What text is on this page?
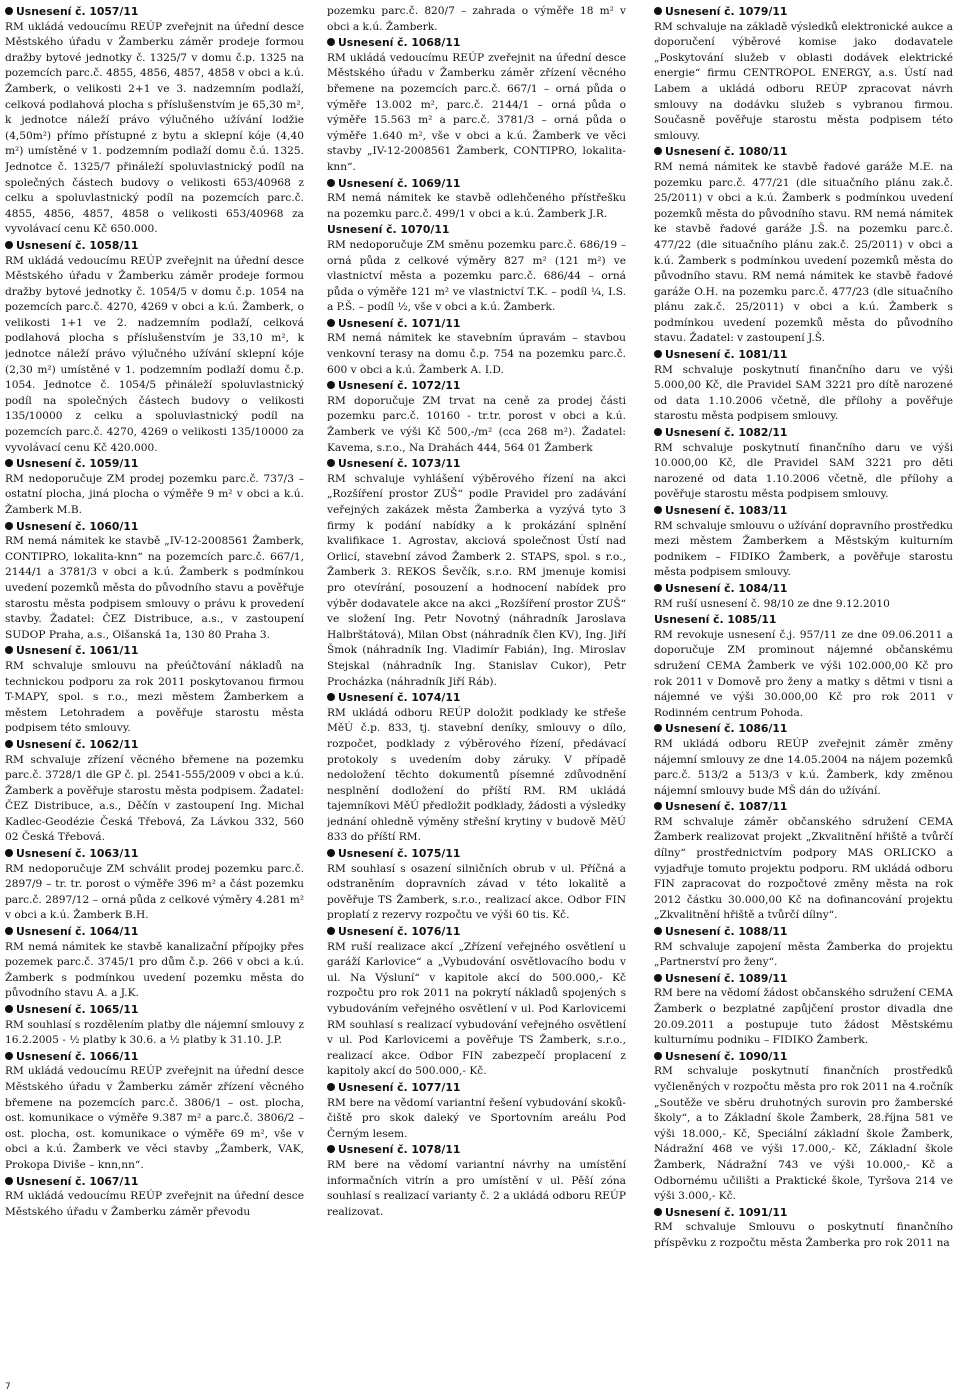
Usnesení č. 1057/11
RM ukládá vedoucímu REÚP zveřejnit na úřední desce Městského úřadu v Žamberku záměr prodeje formou dražby bytové jednotky č. 1325/7 v domu č.p. 1325 na pozemcích parc.č. 4855, 4856, 4857, 4858 v obci a k.ú. Žamberk, o velikosti 2+1 ve 3. nadzemním podlaží, celková podlahová plocha s příslušenstvím je 65,30 m², k jednotce náleží právo výlučného užívání lodžie (4,50m²) přímo přístupné z bytu a sklepní kóje (4,40 m²) umístěné v 1. podzemním podlaží domu č.ú. 1325. Jednotce č. 1325/7 přináleží spoluvlastnický podíl na společných částech budovy o velikosti 653/40968 z celku a spoluvlastnický podíl na pozemcích parc.č. 4855, 4856, 4857, 4858 o velikosti 653/40968 za vyvolávací cenu Kč 650.000.
Usnesení č. 1058/11
RM ukládá vedoucímu REÚP zveřejnit na úřední desce Městského úřadu v Žamberku záměr prodeje formou dražby bytové jednotky č. 1054/5 v domu č.p. 1054 na pozemcích parc.č. 4270, 4269 v obci a k.ú. Žamberk, o velikosti 1+1 ve 2. nadzemním podlaží, celková podlahová plocha s příslušenstvím je 33,10 m², k jednotce náleží právo výlučného užívání sklepní kóje (2,30 m²) umístěné v 1. podzemním podlaží domu č.p. 1054. Jednotce č. 1054/5 přináleží spoluvlastnický podíl na společných částech budovy o velikosti 135/10000 z celku a spoluvlastnický podíl na pozemcích parc.č. 4270, 4269 o velikosti 135/10000 za vyvolávací cenu Kč 420.000.
Usnesení č. 1059/11
RM nedoporučuje ZM prodej pozemku parc.č. 737/3 – ostatní plocha, jiná plocha o výměře 9 m² v obci a k.ú. Žamberk M.B.
Usnesení č. 1060/11
RM nemá námitek ke stavbě „IV-12-2008561 Žamberk, CONTIPRO, lokalita-knn“ na pozemcích parc.č. 667/1, 2144/1 a 3781/3 v obci a k.ú. Žamberk s podmínkou uvedení pozemků města do původního stavu a pověřuje starostu města podpisem smlouvy o právu k provedení stavby. Žadatel: ČEZ Distribuce, a.s., v zastoupení SUDOP Praha, a.s., Olšanská 1a, 130 80 Praha 3.
Usnesení č. 1061/11
RM schvaluje smlouvu na přeúčtování nákladů na technickou podporu za rok 2011 poskytovanou firmou T-MAPY, spol. s r.o., mezi městem Žamberkem a městem Letohradem a pověřuje starostu města podpisem této smlouvy.
Usnesení č. 1062/11
RM schvaluje zřízení věcného břemene na pozemku parc.č. 3728/1 dle GP č. pl. 2541-555/2009 v obci a k.ú. Žamberk a pověřuje starostu města podpisem. Žadatel: ČEZ Distribuce, a.s., Děčín v zastoupení Ing. Michal Kadlec-Geodézie Česká Třebová, Za Lávkou 332, 560 02 Česká Třebová.
Usnesení č. 1063/11
RM nedoporučuje ZM schválit prodej pozemku parc.č. 2897/9 – tr. tr. porost o výměře 396 m² a část pozemku parc.č. 2897/12 – orná půda z celkové výměry 4.281 m² v obci a k.ú. Žamberk B.H.
Usnesení č. 1064/11
RM nemá námitek ke stavbě kanalizační přípojky přes pozemek parc.č. 3745/1 pro dům č.p. 266 v obci a k.ú. Žamberk s podmínkou uvedení pozemku města do původního stavu A. a J.K.
Usnesení č. 1065/11
RM souhlasí s rozdělením platby dle nájemní smlouvy z 16.2.2005 - ½ platby k 30.6. a ½ platby k 31.10. J.P.
Usnesení č. 1066/11
RM ukládá vedoucímu REÚP zveřejnit na úřední desce Městského úřadu v Žamberku záměr zřízení věcného břemene na pozemcích parc.č. 3806/1 – ost. plocha, ost. komunikace o výměře 9.387 m² a parc.č. 3806/2 – ost. plocha, ost. komunikace o výměře 69 m², vše v obci a k.ú. Žamberk ve věci stavby „Žamberk, VAK, Prokopa Diviše – knn,nn“.
Usnesení č. 1067/11
RM ukládá vedoucímu REÚP zveřejnit na úřední desce Městského úřadu v Žamberku záměr převodu
pozemku parc.č. 820/7 – zahrada o výměře 18 m² v obci a k.ú. Žamberk.
Usnesení č. 1068/11
RM ukládá vedoucímu REÚP zveřejnit na úřední desce Městského úřadu v Žamberku záměr zřízení věcného břemene na pozemcích parc.č. 667/1 – orná půda o výměře 13.002 m², parc.č. 2144/1 – orná půda o výměře 15.563 m² a parc.č. 3781/3 – orná půda o výměře 1.640 m², vše v obci a k.ú. Žamberk ve věci stavby „IV-12-2008561 Žamberk, CONTIPRO, lokalita-knn“.
Usnesení č. 1069/11
RM nemá námitek ke stavbě odlehčeného přístřešku na pozemku parc.č. 499/1 v obci a k.ú. Žamberk J.R.
Usnesení č. 1070/11
RM nedoporučuje ZM směnu pozemku parc.č. 686/19 – orná půda z celkové výměry 827 m² (121 m²) ve vlastnictví města a pozemku parc.č. 686/44 – orná půda o výměře 121 m² ve vlastnictví T.K. – podíl ¼, I.S. a P.Š. – podíl ½, vše v obci a k.ú. Žamberk.
Usnesení č. 1071/11
RM nemá námitek ke stavebním úpravám – stavbou venkovní terasy na domu č.p. 754 na pozemku parc.č. 600 v obci a k.ú. Žamberk A. I.D.
Usnesení č. 1072/11
RM doporučuje ZM trvat na ceně za prodej části pozemku parc.č. 10160 - tr.tr. porost v obci a k.ú. Žamberk ve výši Kč 500,-/m² (cca 268 m²). Žadatel: Kavema, s.r.o., Na Drahách 444, 564 01 Žamberk
Usnesení č. 1073/11
RM schvaluje vyhlášení výběrového řízení na akci „Rozšíření prostor ZUŠ“ podle Pravidel pro zadávání veřejných zakázek města Žamberka a vyzývá tyto 3 firmy k podání nabídky a k prokázání splnění kvalifikace 1. Agrostav, akciová společnost Ústí nad Orlicí, stavební závod Žamberk 2. STAPS, spol. s r.o., Žamberk 3. REKOS Ševčík, s.r.o. RM jmenuje komisi pro otevírání, posouzení a hodnocení nabídek pro výběr dodavatele akce na akci „Rozšíření prostor ZUŠ“ ve složení Ing. Petr Novotný (náhradník Jaroslava Halbrštátová), Milan Obst (náhradník člen KV), Ing. Jiří Šmok (náhradník Ing. Vladimír Fabián), Ing. Miroslav Stejskal (náhradník Ing. Stanislav Cukor), Petr Procházka (náhradník Jiří Ráb).
Usnesení č. 1074/11
RM ukládá odboru REÚP doložit podklady ke střeše MěÚ č.p. 833, tj. stavební deníky, smlouvy o dílo, rozpočet, podklady z výběrového řízení, předávací protokoly s uvedením doby záruky. V případě nedoložení těchto dokumentů písemné zdůvodnění nesplnění dodložení do příští RM. RM ukládá tajemníkovi MěÚ předložit podklady, žádosti a výsledky jednání ohledně výměny střešní krytiny v budově MěÚ 833 do příští RM.
Usnesení č. 1075/11
RM souhlasí s osazení silničních obrub v ul. Příčná a odstraněním dopravních závad v této lokalitě a pověřuje TS Žamberk, s.r.o., realizací akce. Odbor FIN proplatí z rezervy rozpočtu ve výši 60 tis. Kč.
Usnesení č. 1076/11
RM ruší realizace akcí „Zřízení veřejného osvětlení u garáží Karlovice“ a „Vybudování osvětlovacího bodu v ul. Na Výsluní“ v kapitole akcí do 500.000,- Kč rozpočtu pro rok 2011 na pokrytí nákladů spojených s vybudováním veřejného osvětlení v ul. Pod Karlovicemi RM souhlasí s realizací vybudování veřejného osvětlení v ul. Pod Karlovicemi a pověřuje TS Žamberk, s.r.o., realizací akce. Odbor FIN zabezpečí proplacení z kapitoly akcí do 500.000,- Kč.
Usnesení č. 1077/11
RM bere na vědomí variantní řešení vybudování skokůčiště pro skok daleký ve Sportovním areálu Pod Černým lesem.
Usnesení č. 1078/11
RM bere na vědomí variantní návrhy na umístění informačních vitrín a pro umístění v ul. Pěší zóna souhlasí s realizací varianty č. 2 a ukládá odboru REÚP realizovat.
Usnesení č. 1079/11
RM schvaluje na základě výsledků elektronické aukce a doporučení výběrové komise jako dodavatele „Poskytování služeb v oblasti dodávek elektrické energie“ firmu CENTROPOL ENERGY, a.s. Ústí nad Labem a ukládá odboru REÚP zpracovat návrh smlouvy na dodávku služeb s vybranou firmou. Současně pověřuje starostu města podpisem této smlouvy.
Usnesení č. 1080/11
RM nemá námitek ke stavbě řadové garáže M.E. na pozemku parc.č. 477/21 (dle situačního plánu zak.č. 25/2011) v obci a k.ú. Žamberk s podmínkou uvedení pozemků města do původního stavu. RM nemá námitek ke stavbě řadové garáže J.Š. na pozemku parc.č. 477/22 (dle situačního plánu zak.č. 25/2011) v obci a k.ú. Žamberk s podmínkou uvedení pozemků města do původního stavu. RM nemá námitek ke stavbě řadové garáže O.H. na pozemku parc.č. 477/23 (dle situačního plánu zak.č. 25/2011) v obci a k.ú. Žamberk s podmínkou uvedení pozemků města do původního stavu. Žadatel: v zastoupení J.Š.
Usnesení č. 1081/11
RM schvaluje poskytnutí finančního daru ve výši 5.000,00 Kč, dle Pravidel SAM 3221 pro dítě narozené od data 1.10.2006 včetně, dle přílohy a pověřuje starostu města podpisem smlouvy.
Usnesení č. 1082/11
RM schvaluje poskytnutí finančního daru ve výši 10.000,00 Kč, dle Pravidel SAM 3221 pro děti narozené od data 1.10.2006 včetně, dle přílohy a pověřuje starostu města podpisem smlouvy.
Usnesení č. 1083/11
RM schvaluje smlouvu o užívání dopravního prostředku mezi městem Žamberkem a Městským kulturním podnikem – FIDIKO Žamberk, a pověřuje starostu města podpisem smlouvy.
Usnesení č. 1084/11
RM ruší usnesení č. 98/10 ze dne 9.12.2010
Usnesení č. 1085/11
RM revokuje usnesení č.j. 957/11 ze dne 09.06.2011 a doporučuje ZM prominout nájemné občanskému sdružení CEMA Žamberk ve výši 102.000,00 Kč pro rok 2011 v Domově pro ženy a matky s dětmi v tisni a nájemné ve výši 30.000,00 Kč pro rok 2011 v Rodinném centrum Pohoda.
Usnesení č. 1086/11
RM ukládá odboru REÚP zveřejnit záměr změny nájemní smlouvy ze dne 14.05.2004 na nájem pozemků parc.č. 513/2 a 513/3 v k.ú. Žamberk, kdy změnou nájemní smlouvy bude MŠ dán do užívání.
Usnesení č. 1087/11
RM schvaluje záměr občanského sdružení CEMA Žamberk realizovat projekt „Zkvalitnění hřiště a tvůrčí dílny“ prostřednictvím podpory MAS ORLICKO a vyjadřuje tomuto projektu podporu. RM ukládá odboru FIN zapracovat do rozpočtové změny města na rok 2012 částku 30.000,00 Kč na dofinancování projektu „Zkvalitnění hřiště a tvůrčí dílny“.
Usnesení č. 1088/11
RM schvaluje zapojení města Žamberka do projektu „Partnerství pro ženy“.
Usnesení č. 1089/11
RM bere na vědomí žádost občanského sdružení CEMA Žamberk o bezplatné zapůjčení prostor divadla dne 20.09.2011 a postupuje tuto žádost Městskému kulturnímu podniku – FIDIKO Žamberk.
Usnesení č. 1090/11
RM schvaluje poskytnutí finančních prostředků vyčleněných v rozpočtu města pro rok 2011 na 4.ročník „Soutěže ve sběru druhotných surovin pro žamberské školy“, a to Základní škole Žamberk, 28.října 581 ve výši 18.000,- Kč, Speciální základní škole Žamberk, Nádražní 468 ve výši 17.000,- Kč, Základní škole Žamberk, Nádražní 743 ve výši 10.000,- Kč a Odbornému učilišti a Praktické škole, Tyršova 214 ve výši 3.000,- Kč.
Usnesení č. 1091/11
RM schvaluje Smlouvu o poskytnutí finančního příspěvku z rozpočtu města Žamberka pro rok 2011 na
7
